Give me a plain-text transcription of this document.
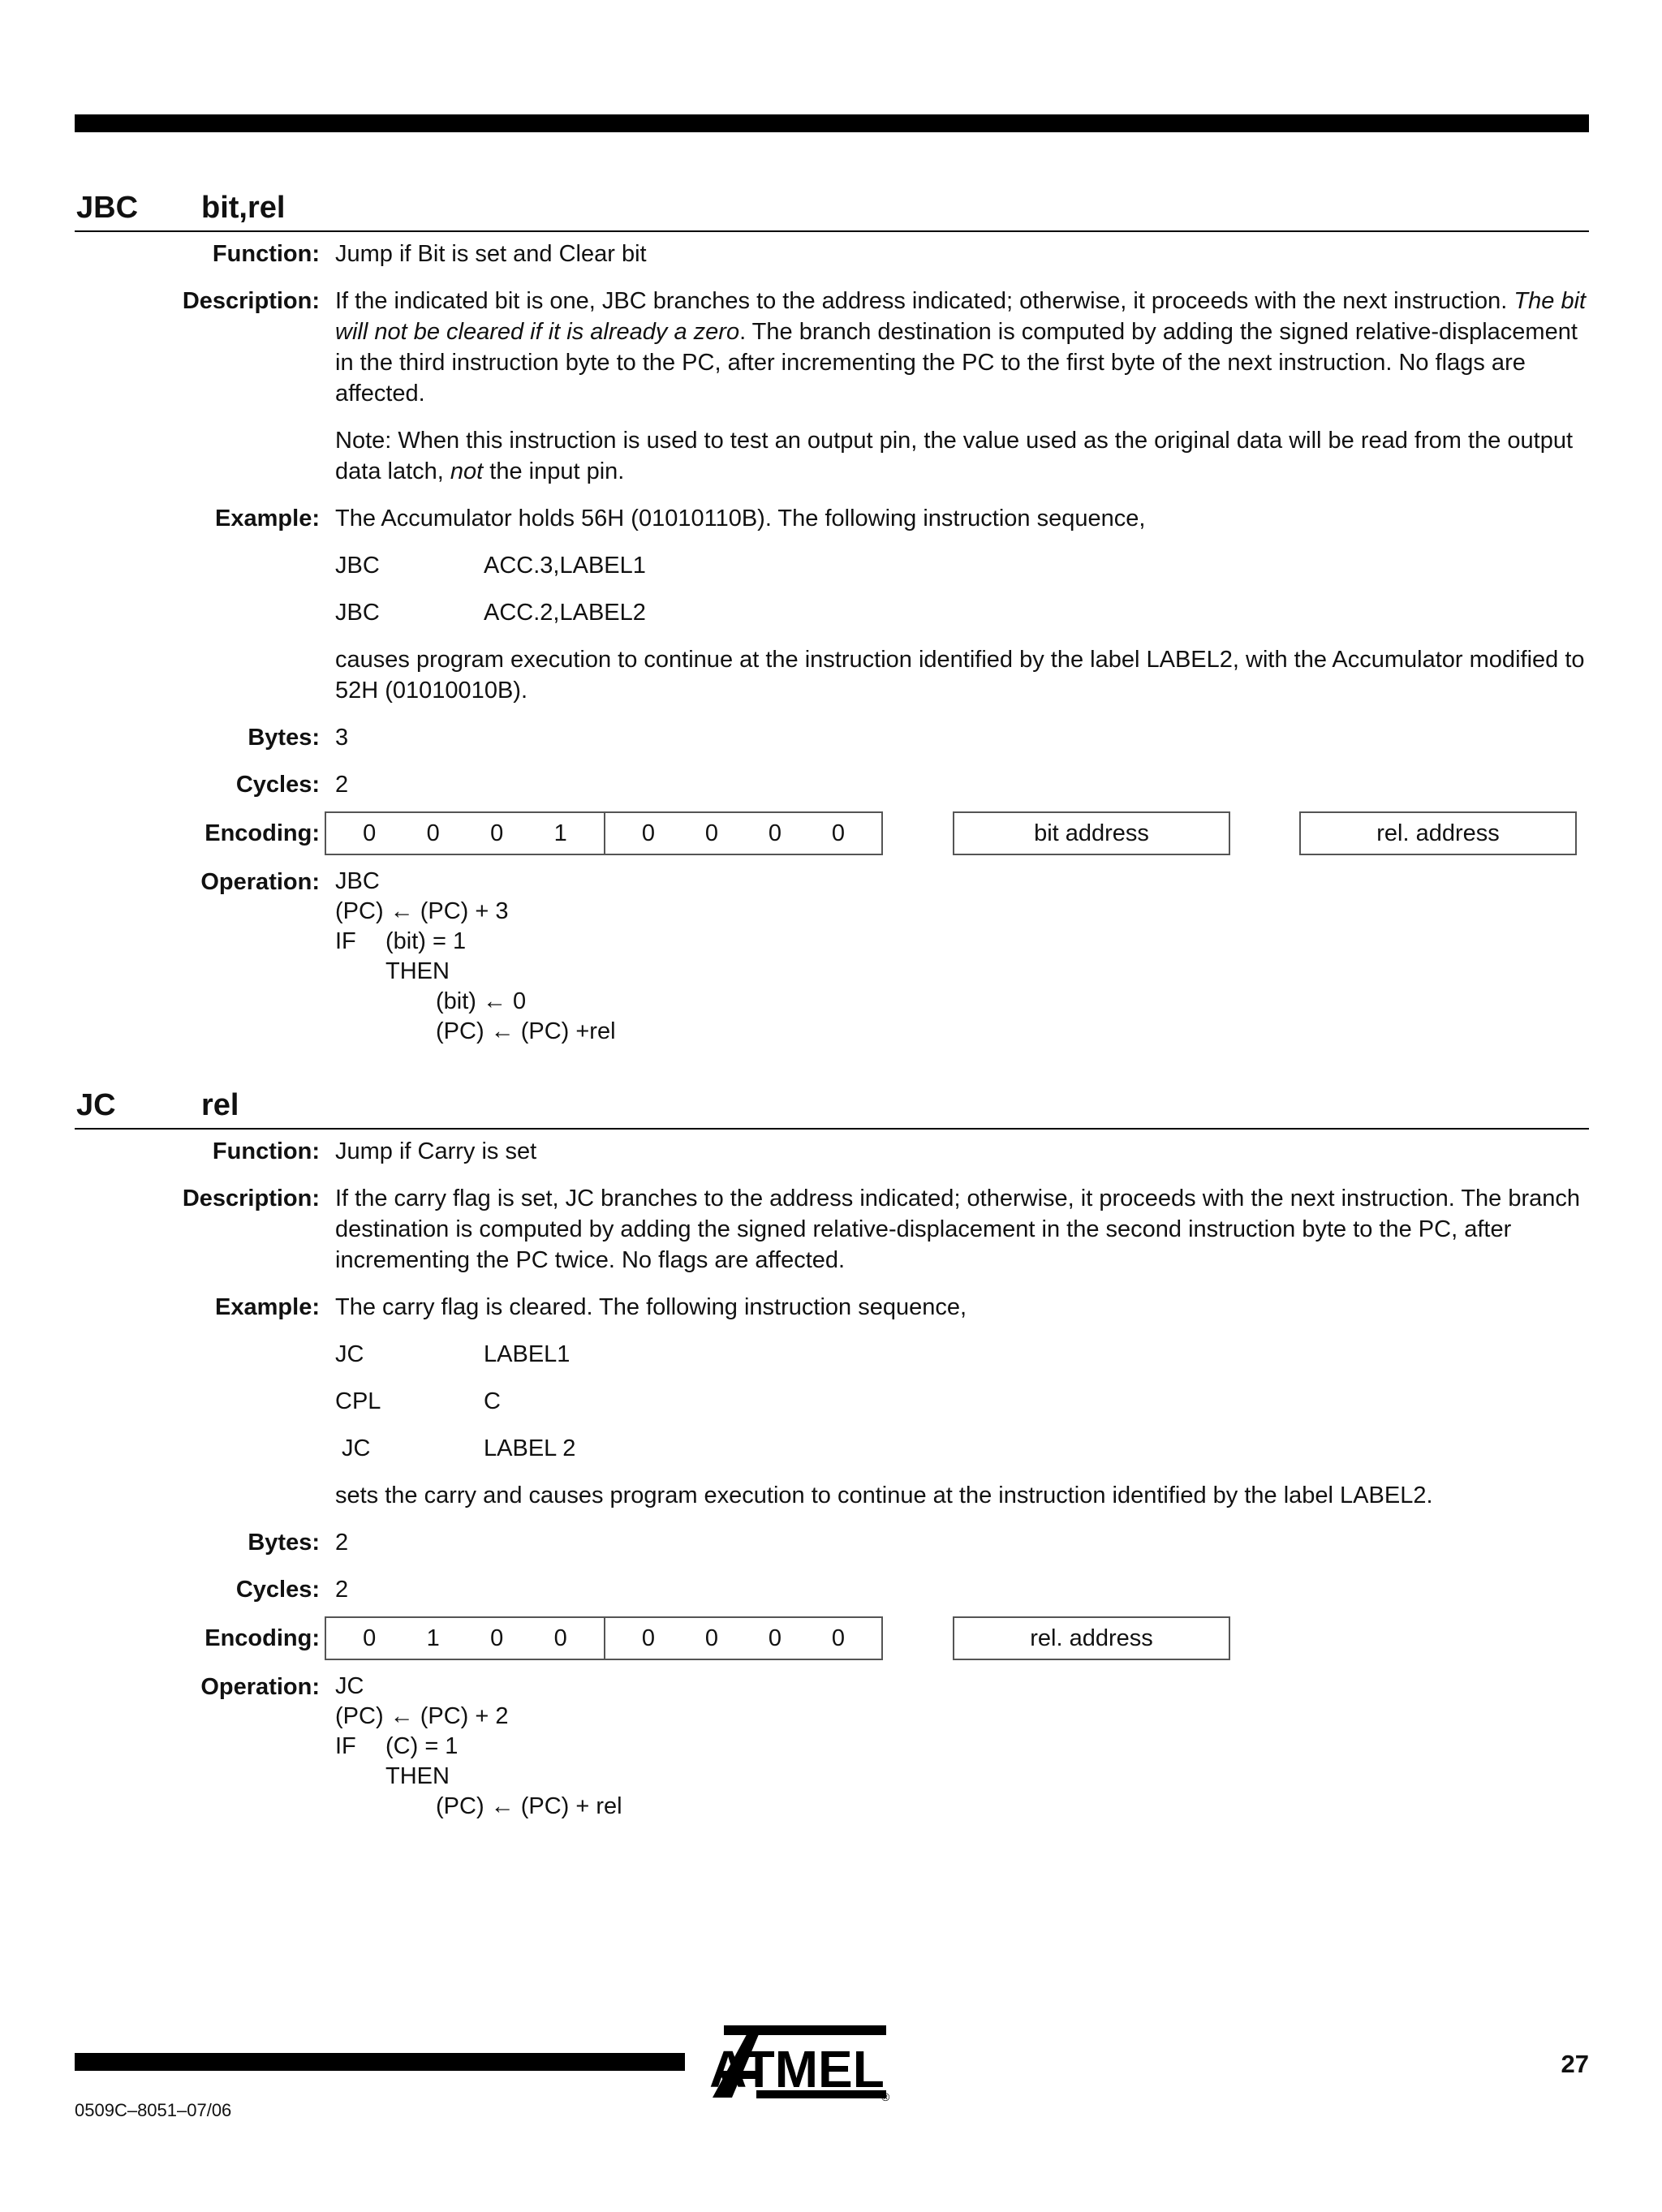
JBC bit,rel
Function: Jump if Bit is set and Clear bit
Description: If the indicated bit is one, JBC branches to the address indicated; otherwise, it proceeds with the next instruction. The bit will not be cleared if it is already a zero. The branch destination is computed by adding the signed relative-displacement in the third instruction byte to the PC, after incrementing the PC to the first byte of the next instruction. No flags are affected.

Note: When this instruction is used to test an output pin, the value used as the original data will be read from the output data latch, not the input pin.

Example: The Accumulator holds 56H (01010110B). The following instruction sequence,

JBC	ACC.3,LABEL1
JBC	ACC.2,LABEL2

causes program execution to continue at the instruction identified by the label LABEL2, with the Accumulator modified to 52H (01010010B).

Bytes: 3
Cycles: 2
Encoding:	0	0	0	1	0	0	0	0	bit address	rel. address
Operation: JBC
(PC) ← (PC) + 3
IF (bit) = 1
THEN
(bit) ← 0
(PC) ← (PC) +rel
JC	rel
Function: Jump if Carry is set
Description: If the carry flag is set, JC branches to the address indicated; otherwise, it proceeds with the next instruction. The branch destination is computed by adding the signed relative-displacement in the second instruction byte to the PC, after incrementing the PC twice. No flags are affected.
Example: The carry flag is cleared. The following instruction sequence,

JC	LABEL1
CPL	C
JC	LABEL 2

sets the carry and causes program execution to continue at the instruction identified by the label LABEL2.

Bytes: 2
Cycles: 2
Encoding:	0	1	0	0	0	0	0	0	rel. address
Operation: JC
(PC) ← (PC) + 2
IF (C) = 1
THEN
(PC) ← (PC) + rel
0509C–8051–07/06
ATMEL
®
27
